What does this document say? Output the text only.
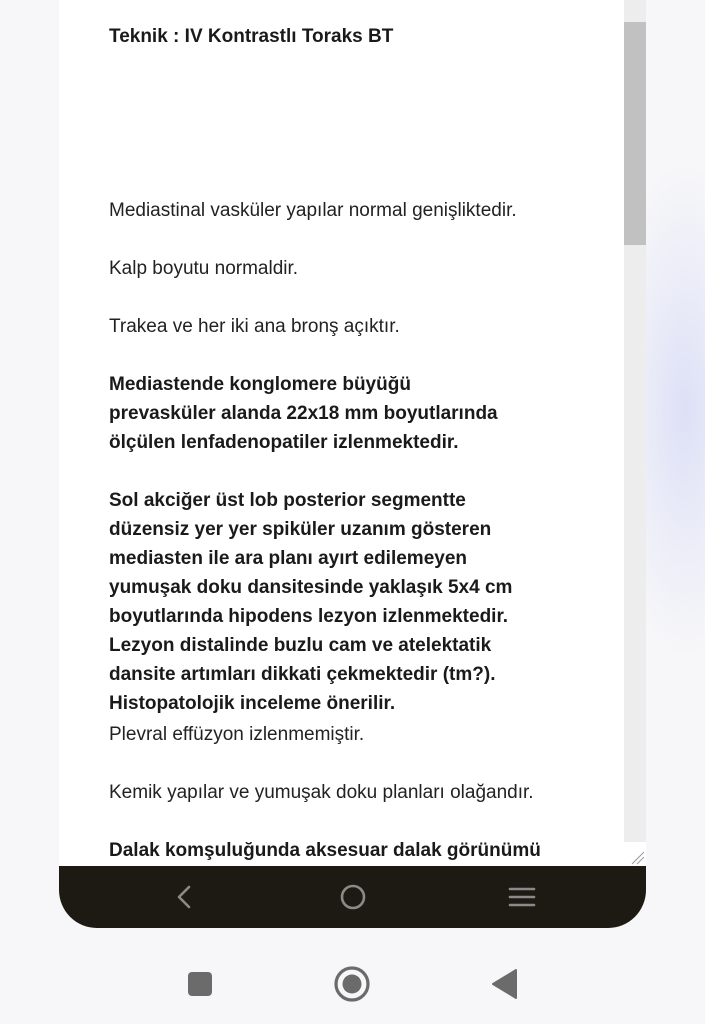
Teknik : IV Kontrastlı Toraks BT

Mediastinal vasküler yapılar normal genişliktedir.

Kalp boyutu normaldir.

Trakea ve her iki ana bronş açıktır.

Mediastende konglomere büyüğü prevasküler alanda 22x18 mm boyutlarında ölçülen lenfadenopatiler izlenmektedir.

Sol akciğer üst lob posterior segmentte düzensiz yer yer spiküler uzanım gösteren mediasten ile ara planı ayırt edilemeyen yumuşak doku dansitesinde yaklaşık 5x4 cm boyutlarında hipodens lezyon izlenmektedir. Lezyon distalinde buzlu cam ve atelektatik dansite artımları dikkati çekmektedir (tm?). Histopatolojik inceleme önerilir.

Plevral effüzyon izlenmemiştir.

Kemik yapılar ve yumuşak doku planları olağandır.

Dalak komşuluğunda aksesuar dalak görünümü
